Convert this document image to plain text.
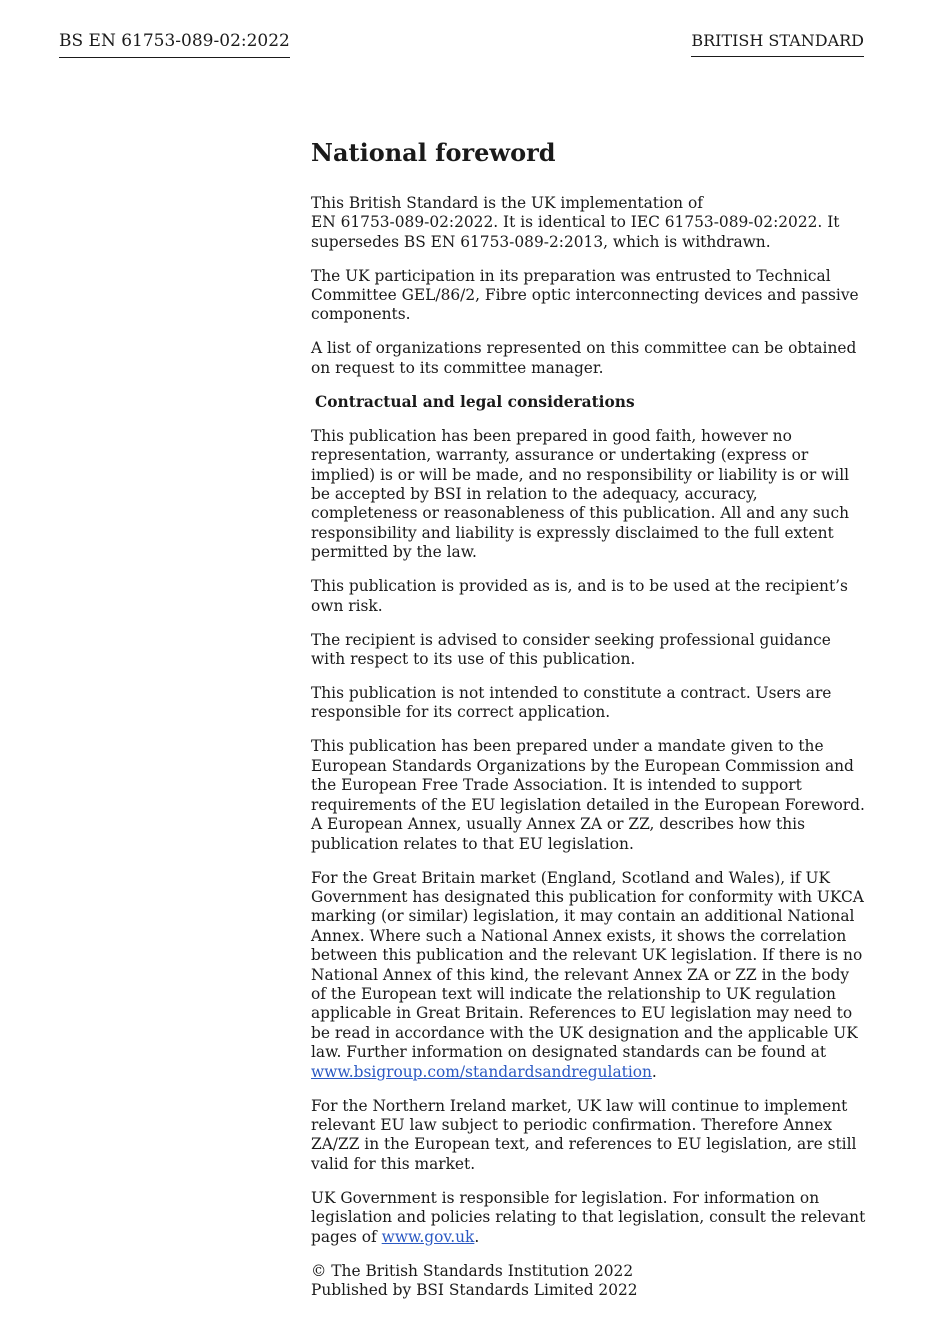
BS EN 61753-089-02:2022	BRITISH STANDARD
National foreword

This British Standard is the UK implementation of
EN 61753-089-02:2022. It is identical to IEC 61753-089-02:2022. It supersedes BS EN 61753-089-2:2013, which is withdrawn.

The UK participation in its preparation was entrusted to Technical Committee GEL/86/2, Fibre optic interconnecting devices and passive components.

A list of organizations represented on this committee can be obtained on request to its committee manager.

Contractual and legal considerations

This publication has been prepared in good faith, however no representation, warranty, assurance or undertaking (express or implied) is or will be made, and no responsibility or liability is or will be accepted by BSI in relation to the adequacy, accuracy, completeness or reasonableness of this publication. All and any such responsibility and liability is expressly disclaimed to the full extent permitted by the law.

This publication is provided as is, and is to be used at the recipient’s own risk.

The recipient is advised to consider seeking professional guidance with respect to its use of this publication.

This publication is not intended to constitute a contract. Users are responsible for its correct application.

This publication has been prepared under a mandate given to the European Standards Organizations by the European Commission and the European Free Trade Association. It is intended to support requirements of the EU legislation detailed in the European Foreword. A European Annex, usually Annex ZA or ZZ, describes how this publication relates to that EU legislation.

For the Great Britain market (England, Scotland and Wales), if UK Government has designated this publication for conformity with UKCA marking (or similar) legislation, it may contain an additional National Annex. Where such a National Annex exists, it shows the correlation between this publication and the relevant UK legislation. If there is no National Annex of this kind, the relevant Annex ZA or ZZ in the body of the European text will indicate the relationship to UK regulation applicable in Great Britain. References to EU legislation may need to be read in accordance with the UK designation and the applicable UK law. Further information on designated standards can be found at www.bsigroup.com/standardsandregulation.

For the Northern Ireland market, UK law will continue to implement relevant EU law subject to periodic confirmation. Therefore Annex ZA/ZZ in the European text, and references to EU legislation, are still valid for this market.

UK Government is responsible for legislation. For information on legislation and policies relating to that legislation, consult the relevant pages of www.gov.uk.

© The British Standards Institution 2022
Published by BSI Standards Limited 2022
